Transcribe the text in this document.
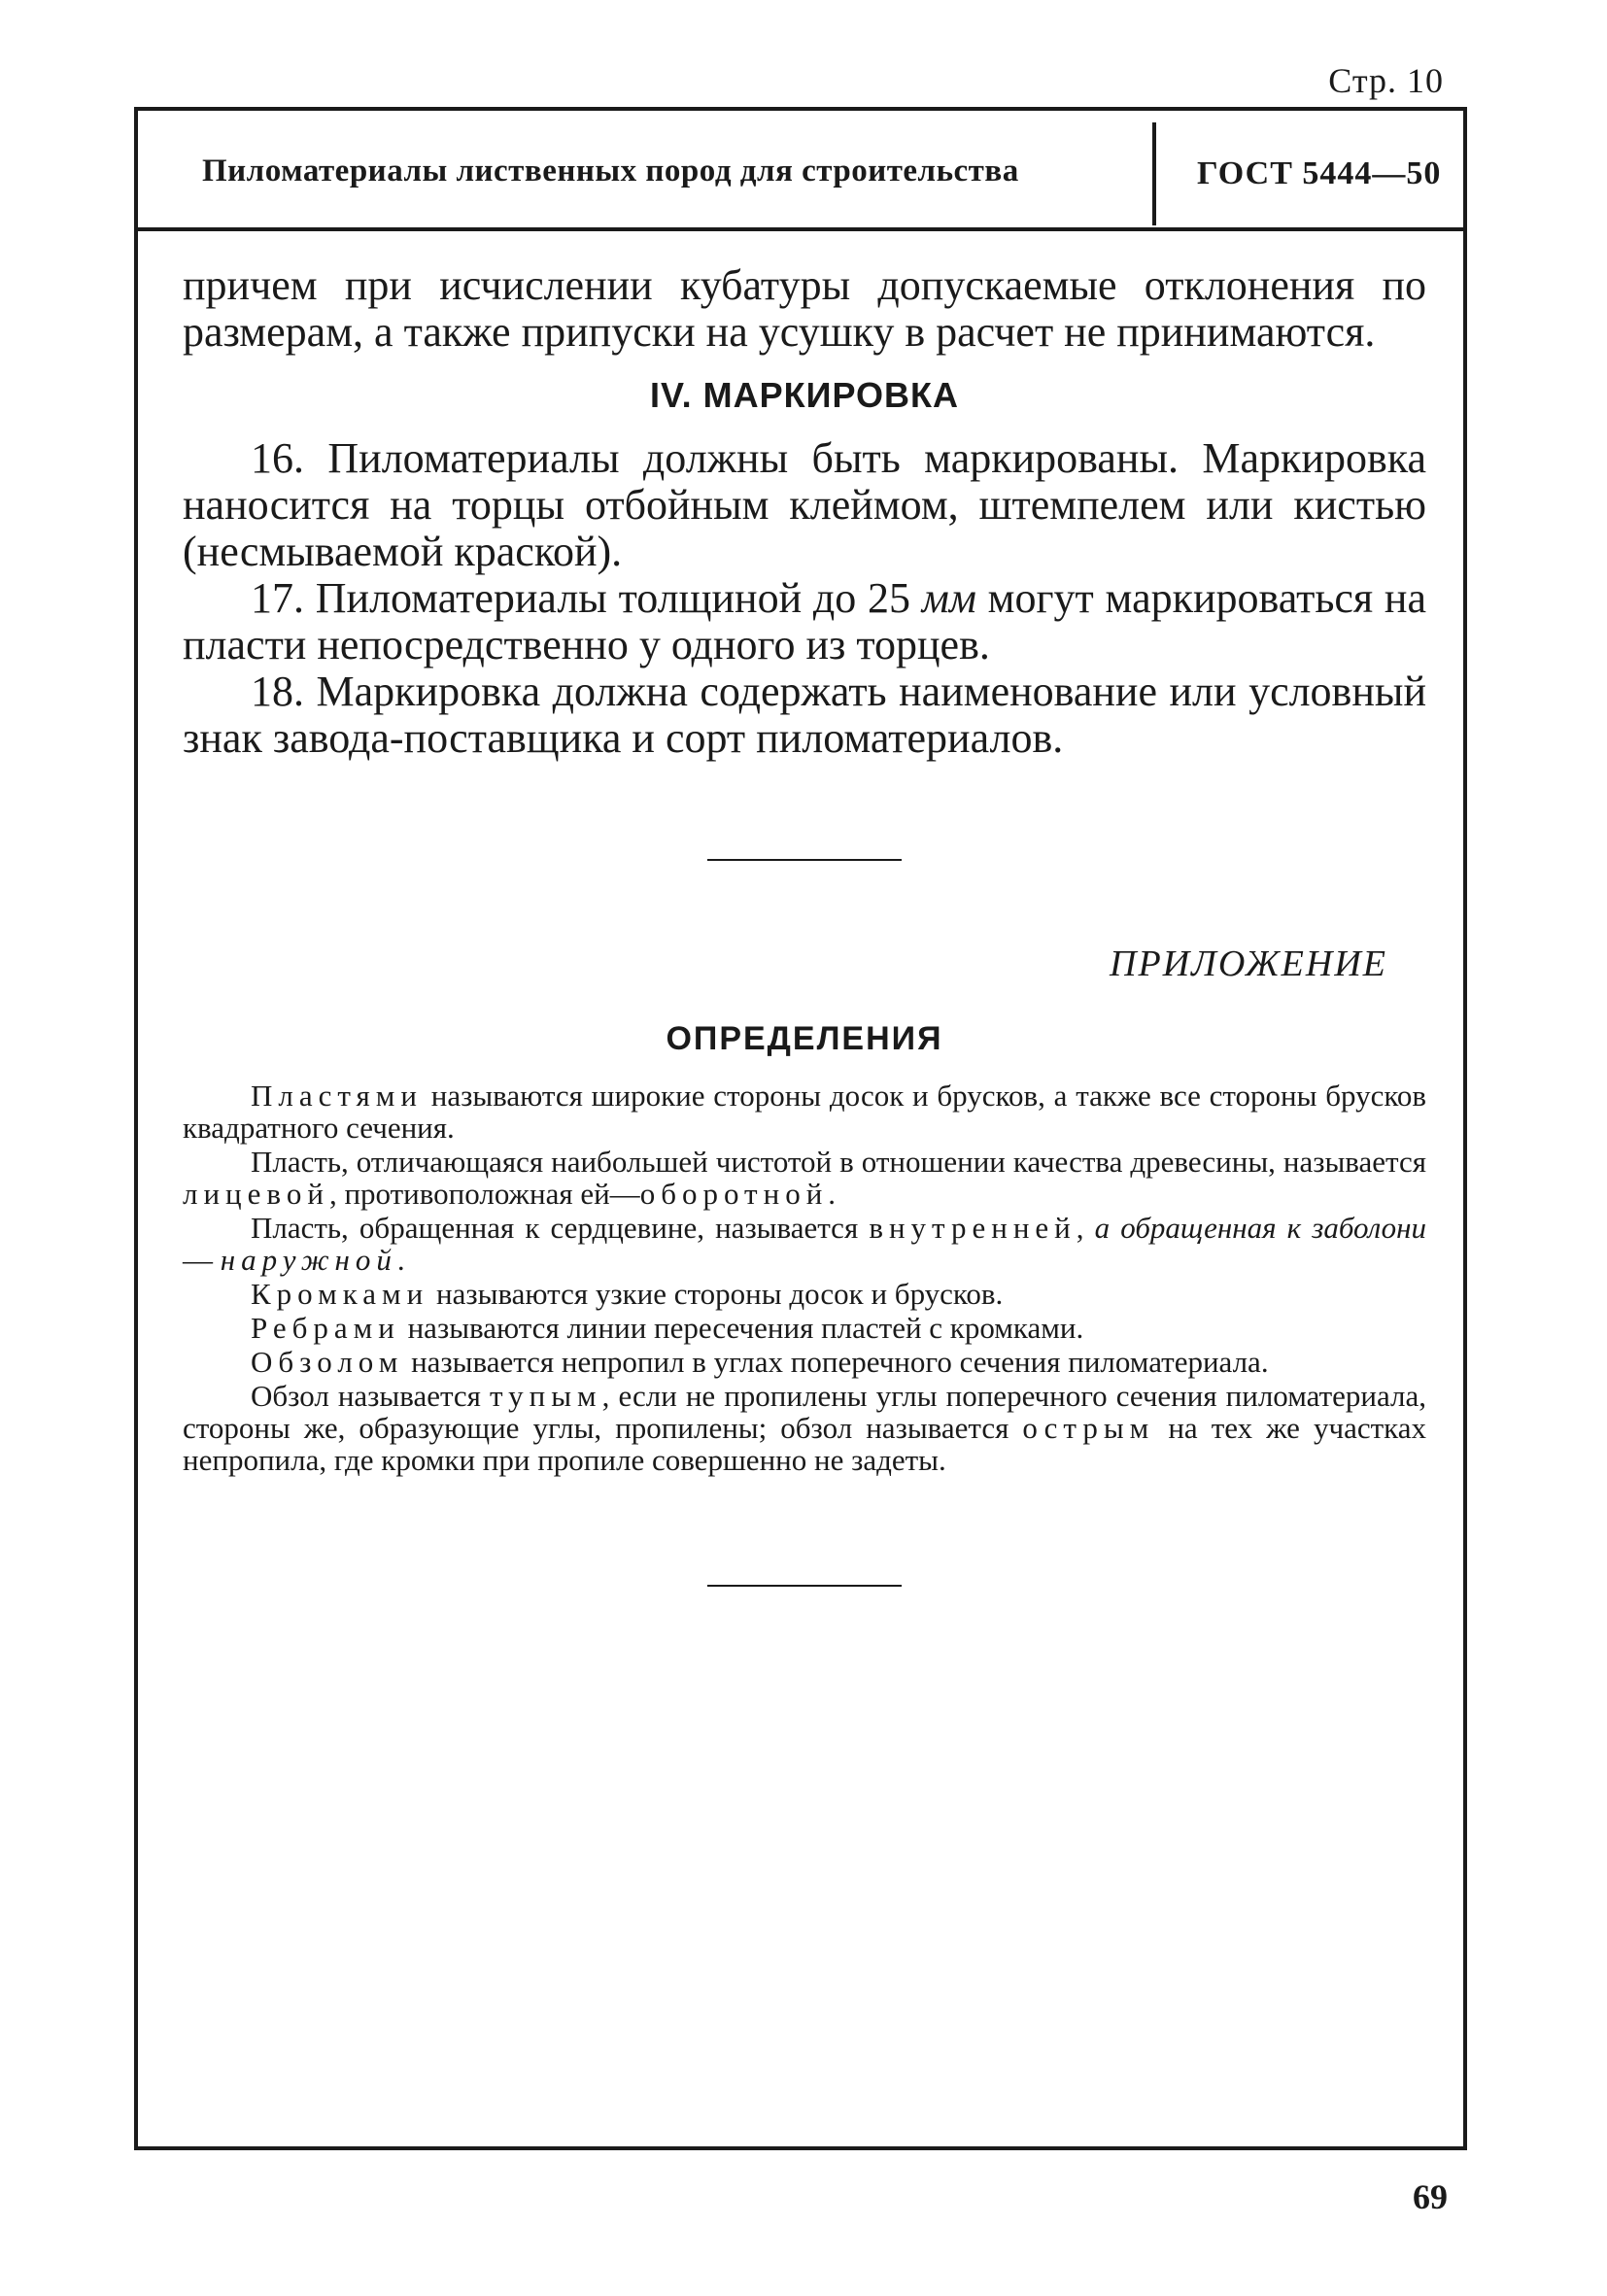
Стр. 10
Пиломатериалы лиственных пород для строительства	ГОСТ 5444—50

причем при исчислении кубатуры допускаемые отклонения по размерам, а также припуски на усушку в расчет не принимаются.

IV. МАРКИРОВКА

16. Пиломатериалы должны быть маркированы. Маркировка наносится на торцы отбойным клеймом, штемпелем или кистью (несмываемой краской).

17. Пиломатериалы толщиной до 25 мм могут маркироваться на пласти непосредственно у одного из торцев.

18. Маркировка должна содержать наименование или условный знак завода-поставщика и сорт пиломатериалов.

ПРИЛОЖЕНИЕ
ОПРЕДЕЛЕНИЯ

Пластями называются широкие стороны досок и брусков, а также все стороны брусков квадратного сечения.

Пласть, отличающаяся наибольшей чистотой в отношении качества древесины, называется лицевой, противоположная ей—оборотной.

Пласть, обращенная к сердцевине, называется внутренней, а обращенная к заболони — наружной.

Кромками называются узкие стороны досок и брусков.

Ребрами называются линии пересечения пластей с кромками.

Обзолом называется непропил в углах поперечного сечения пиломатериала.

Обзол называется тупым, если не пропилены углы поперечного сечения пиломатериала, стороны же, образующие углы, пропилены; обзол называется острым на тех же участках непропила, где кромки при пропиле совершенно не задеты.

69
